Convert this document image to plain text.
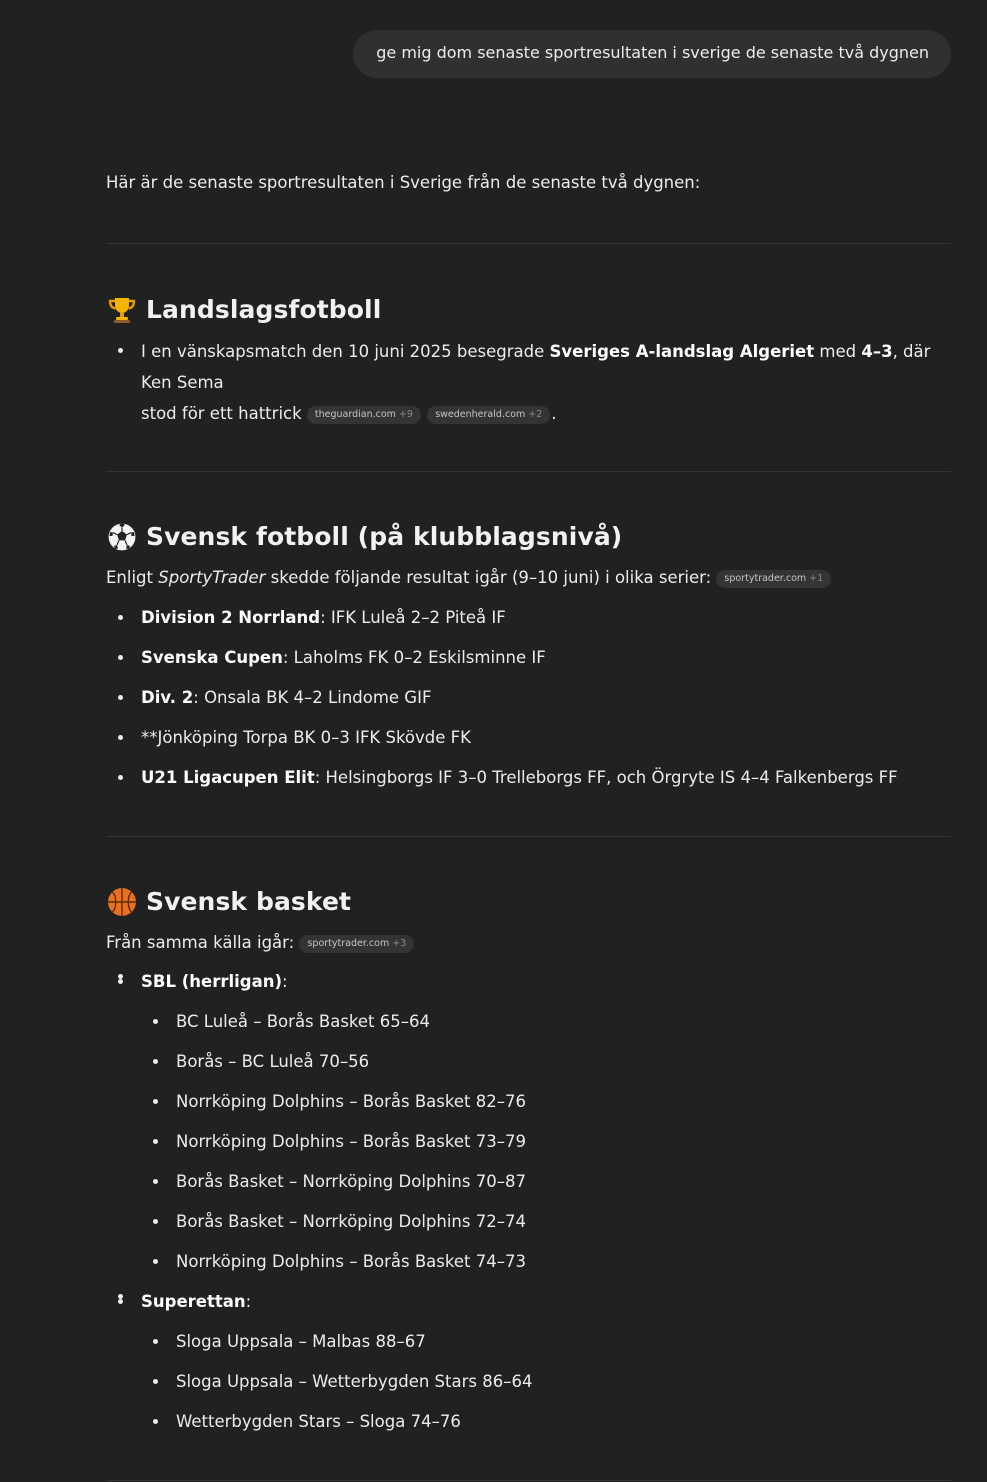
ge mig dom senaste sportresultaten i sverige de senaste två dygnen

Här är de senaste sportresultaten i Sverige från de senaste två dygnen:

Landslagsfotboll
I en vänskapsmatch den 10 juni 2025 besegrade Sveriges A-landslag Algeriet med 4–3, där Ken Sema
stod för ett hattrick theguardian.com +9 swedenherald.com +2 .
Svensk fotboll (på klubblagsnivå)

Enligt SportyTrader skedde följande resultat igår (9–10 juni) i olika serier: sportytrader.com +1

Division 2 Norrland: IFK Luleå 2–2 Piteå IF
Svenska Cupen: Laholms FK 0–2 Eskilsminne IF
Div. 2: Onsala BK 4–2 Lindome GIF
**Jönköping Torpa BK 0–3 IFK Skövde FK
U21 Ligacupen Elit: Helsingborgs IF 3–0 Trelleborgs FF, och Örgryte IS 4–4 Falkenbergs FF
Svensk basket

Från samma källa igår: sportytrader.com +3

SBL (herrligan) :
BC Luleå – Borås Basket 65–64
Borås – BC Luleå 70–56
Norrköping Dolphins – Borås Basket 82–76
Norrköping Dolphins – Borås Basket 73–79
Borås Basket – Norrköping Dolphins 70–87
Borås Basket – Norrköping Dolphins 72–74
Norrköping Dolphins – Borås Basket 74–73
Superettan :
Sloga Uppsala – Malbas 88–67
Sloga Uppsala – Wetterbygden Stars 86–64
Wetterbygden Stars – Sloga 74–76
